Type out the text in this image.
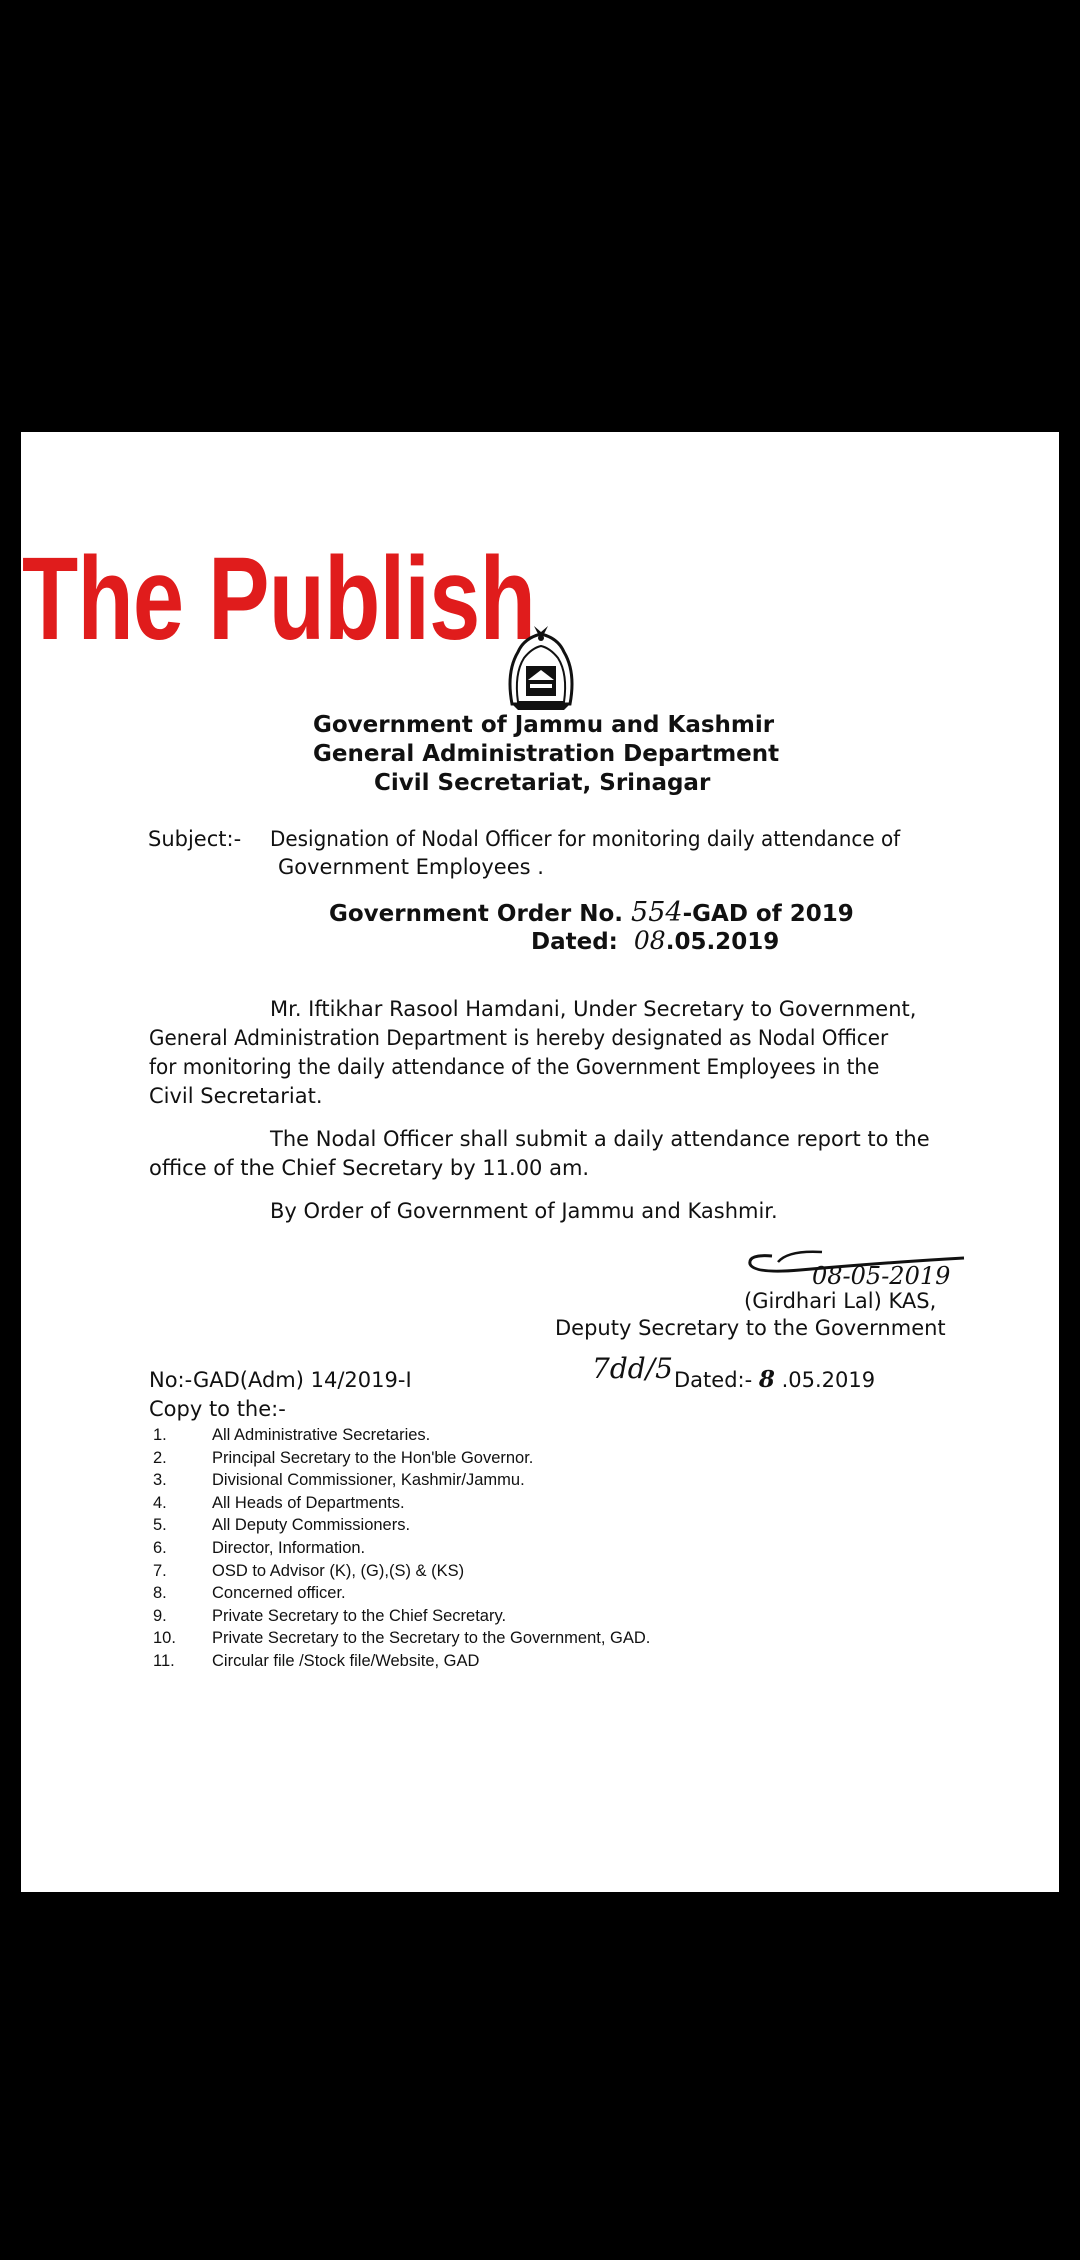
The Publish
Government of Jammu and Kashmir
General Administration Department
Civil Secretariat, Srinagar
Subject:- Designation of Nodal Officer for monitoring daily attendance of
Government Employees .
Government Order No. 554-GAD of 2019
Dated: 08.05.2019
Mr. Iftikhar Rasool Hamdani, Under Secretary to Government,
General Administration Department is hereby designated as Nodal Officer
for monitoring the daily attendance of the Government Employees in the
Civil Secretariat.
The Nodal Officer shall submit a daily attendance report to the
office of the Chief Secretary by 11.00 am.
By Order of Government of Jammu and Kashmir.
08-05-2019
(Girdhari Lal) KAS,
Deputy Secretary to the Government
No:-GAD(Adm) 14/2019-I	7dd/5 Dated:- 8 .05.2019
Copy to the:-
1.	All Administrative Secretaries.
2.	Principal Secretary to the Hon'ble Governor.
3.	Divisional Commissioner, Kashmir/Jammu.
4.	All Heads of Departments.
5.	All Deputy Commissioners.
6.	Director, Information.
7.	OSD to Advisor (K), (G),(S) & (KS)
8.	Concerned officer.
9.	Private Secretary to the Chief Secretary.
10.	Private Secretary to the Secretary to the Government, GAD.
11.	Circular file /Stock file/Website, GAD
